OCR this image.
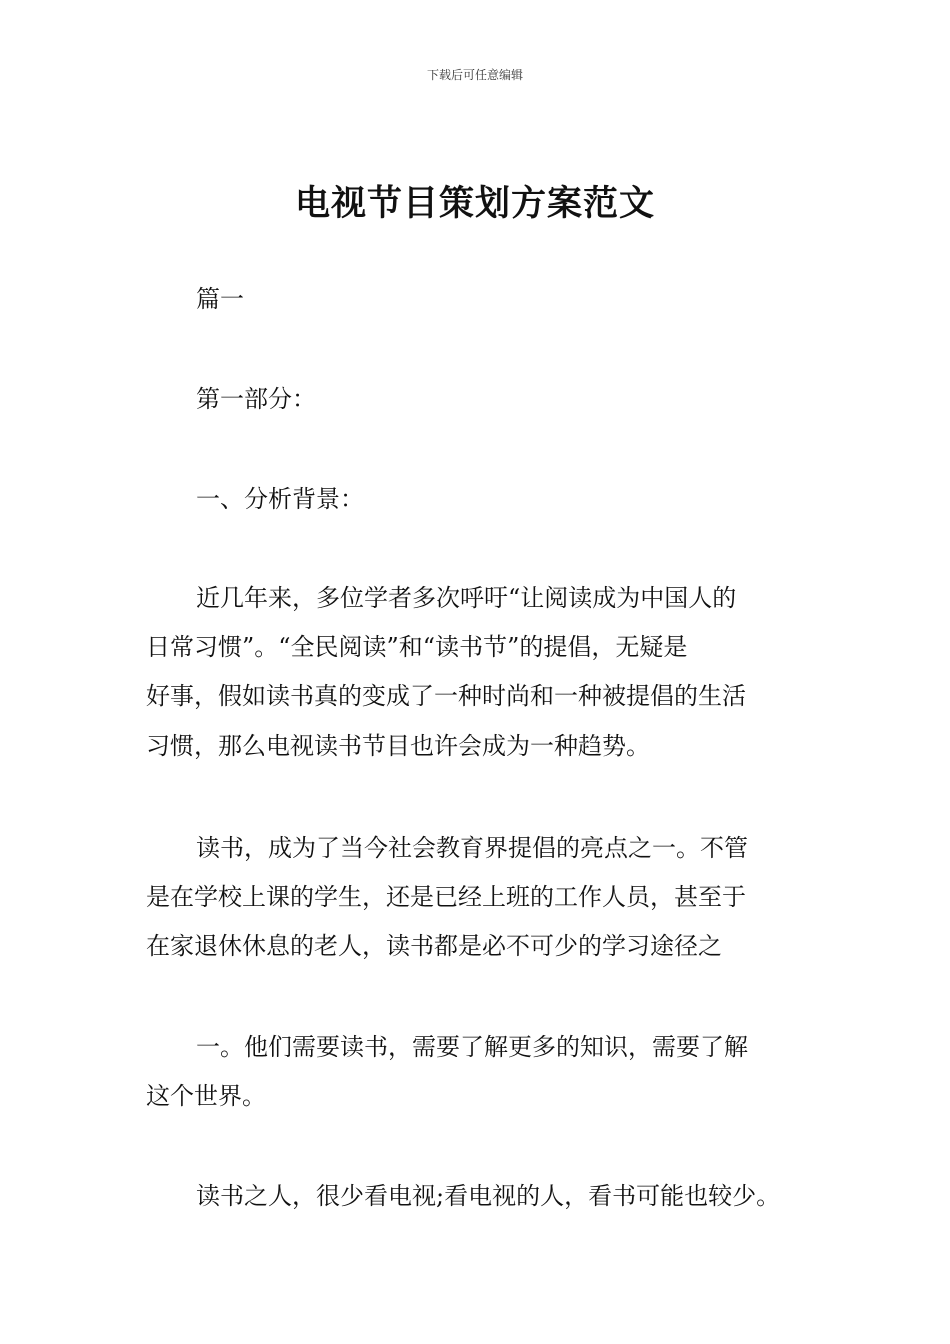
下载后可任意编辑
电视节目策划方案范文
篇一
第一部分：
一、分析背景：
近几年来，多位学者多次呼吁“让阅读成为中国人的
日常习惯”。“全民阅读”和“读书节”的提倡，无疑是
好事，假如读书真的变成了一种时尚和一种被提倡的生活
习惯，那么电视读书节目也许会成为一种趋势。
读书，成为了当今社会教育界提倡的亮点之一。不管
是在学校上课的学生，还是已经上班的工作人员，甚至于
在家退休休息的老人，读书都是必不可少的学习途径之
一。他们需要读书，需要了解更多的知识，需要了解
这个世界。
读书之人，很少看电视;看电视的人，看书可能也较少。
